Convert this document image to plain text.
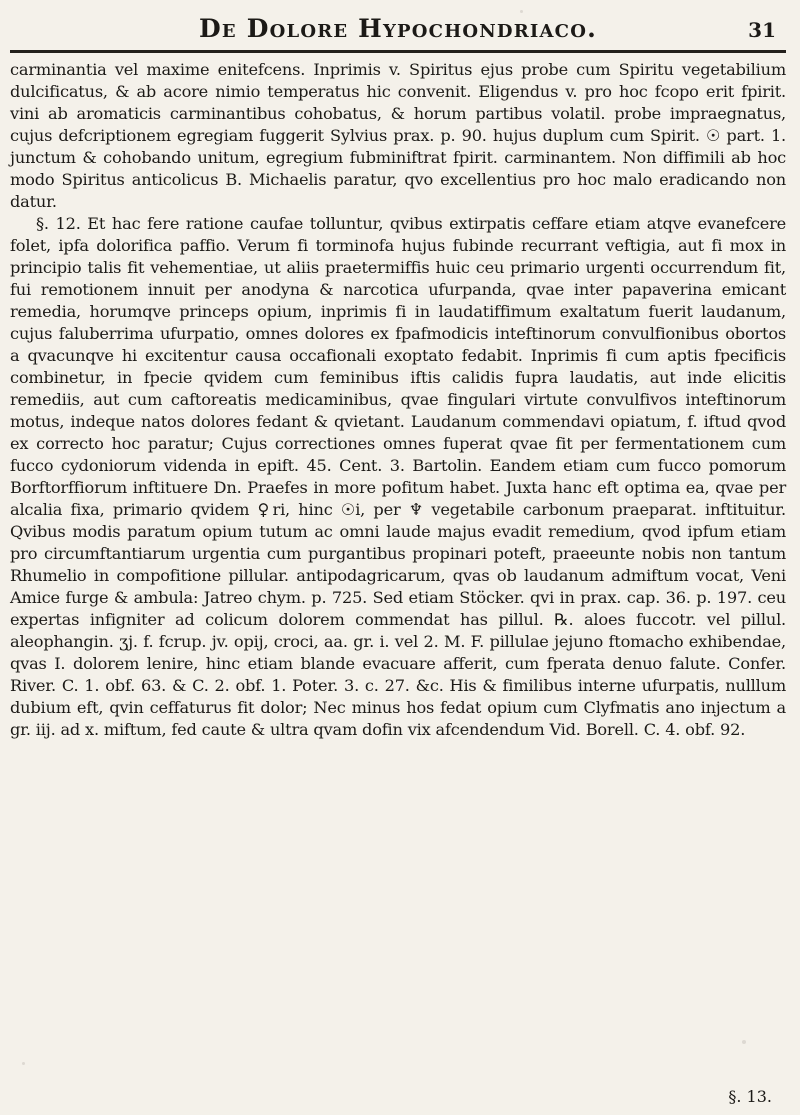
De Dolore Hypochondriaco.	31

carminantia vel maxime enitefcens. Inprimis v. Spiritus ejus probe cum Spiritu vegetabilium dulcificatus, & ab acore nimio temperatus hic convenit. Eligendus v. pro hoc fcopo erit fpirit. vini ab aromaticis carminantibus cohobatus, & horum partibus volatil. probe impraegnatus, cujus defcriptionem egregiam fuggerit Sylvius prax. p. 90. hujus duplum cum Spirit. ☉ part. 1. junctum & cohobando unitum, egregium fubminiftrat fpirit. carminantem. Non diffimili ab hoc modo Spiritus anticolicus B. Michaelis paratur, qvo excellentius pro hoc malo eradicando non datur.

§. 12. Et hac fere ratione caufae tolluntur, qvibus extirpatis ceffare etiam atqve evanefcere folet, ipfa dolorifica paffio. Verum fi torminofa hujus fubinde recurrant veftigia, aut fi mox in principio talis fit vehementiae, ut aliis praetermiffis huic ceu primario urgenti occurrendum fit, fui remotionem innuit per anodyna & narcotica ufurpanda, qvae inter papaverina emicant remedia, horumqve princeps opium, inprimis fi in laudatiffimum exaltatum fuerit laudanum, cujus faluberrima ufurpatio, omnes dolores ex fpafmodicis inteftinorum convulfionibus obortos a qvacunqve hi excitentur causa occafionali exoptato fedabit. Inprimis fi cum aptis fpecificis combinetur, in fpecie qvidem cum feminibus iftis calidis fupra laudatis, aut inde elicitis remediis, aut cum caftoreatis medicaminibus, qvae fingulari virtute convulfivos inteftinorum motus, indeque natos dolores fedant & qvietant. Laudanum commendavi opiatum, f. iftud qvod ex correcto hoc paratur; Cujus correctiones omnes fuperat qvae fit per fermentationem cum fucco cydoniorum videnda in epift. 45. Cent. 3. Bartolin. Eandem etiam cum fucco pomorum Borftorffiorum inftituere Dn. Praefes in more pofitum habet. Juxta hanc eft optima ea, qvae per alcalia fixa, primario qvidem ♀ri, hinc ☉i, per ♆ vegetabile carbonum praeparat. inftituitur. Qvibus modis paratum opium tutum ac omni laude majus evadit remedium, qvod ipfum etiam pro circumftantiarum urgentia cum purgantibus propinari poteft, praeeunte nobis non tantum Rhumelio in compofitione pillular. antipodagricarum, qvas ob laudanum admiftum vocat, Veni Amice furge & ambula: Jatreo chym. p. 725. Sed etiam Stöcker. qvi in prax. cap. 36. p. 197. ceu expertas infigniter ad colicum dolorem commendat has pillul. ℞. aloes fuccotr. vel pillul. aleophangin. ʒj. f. fcrup. jv. opij, croci, aa. gr. i. vel 2. M. F. pillulae jejuno ftomacho exhibendae, qvas I. dolorem lenire, hinc etiam blande evacuare afferit, cum fperata denuo falute. Confer. River. C. 1. obf. 63. & C. 2. obf. 1. Poter. 3. c. 27. &c. His & fimilibus interne ufurpatis, nulllum dubium eft, qvin ceffaturus fit dolor; Nec minus hos fedat opium cum Clyfmatis ano injectum a gr. iij. ad x. miftum, fed caute & ultra qvam dofin vix afcendendum Vid. Borell. C. 4. obf. 92.

§. 13.
